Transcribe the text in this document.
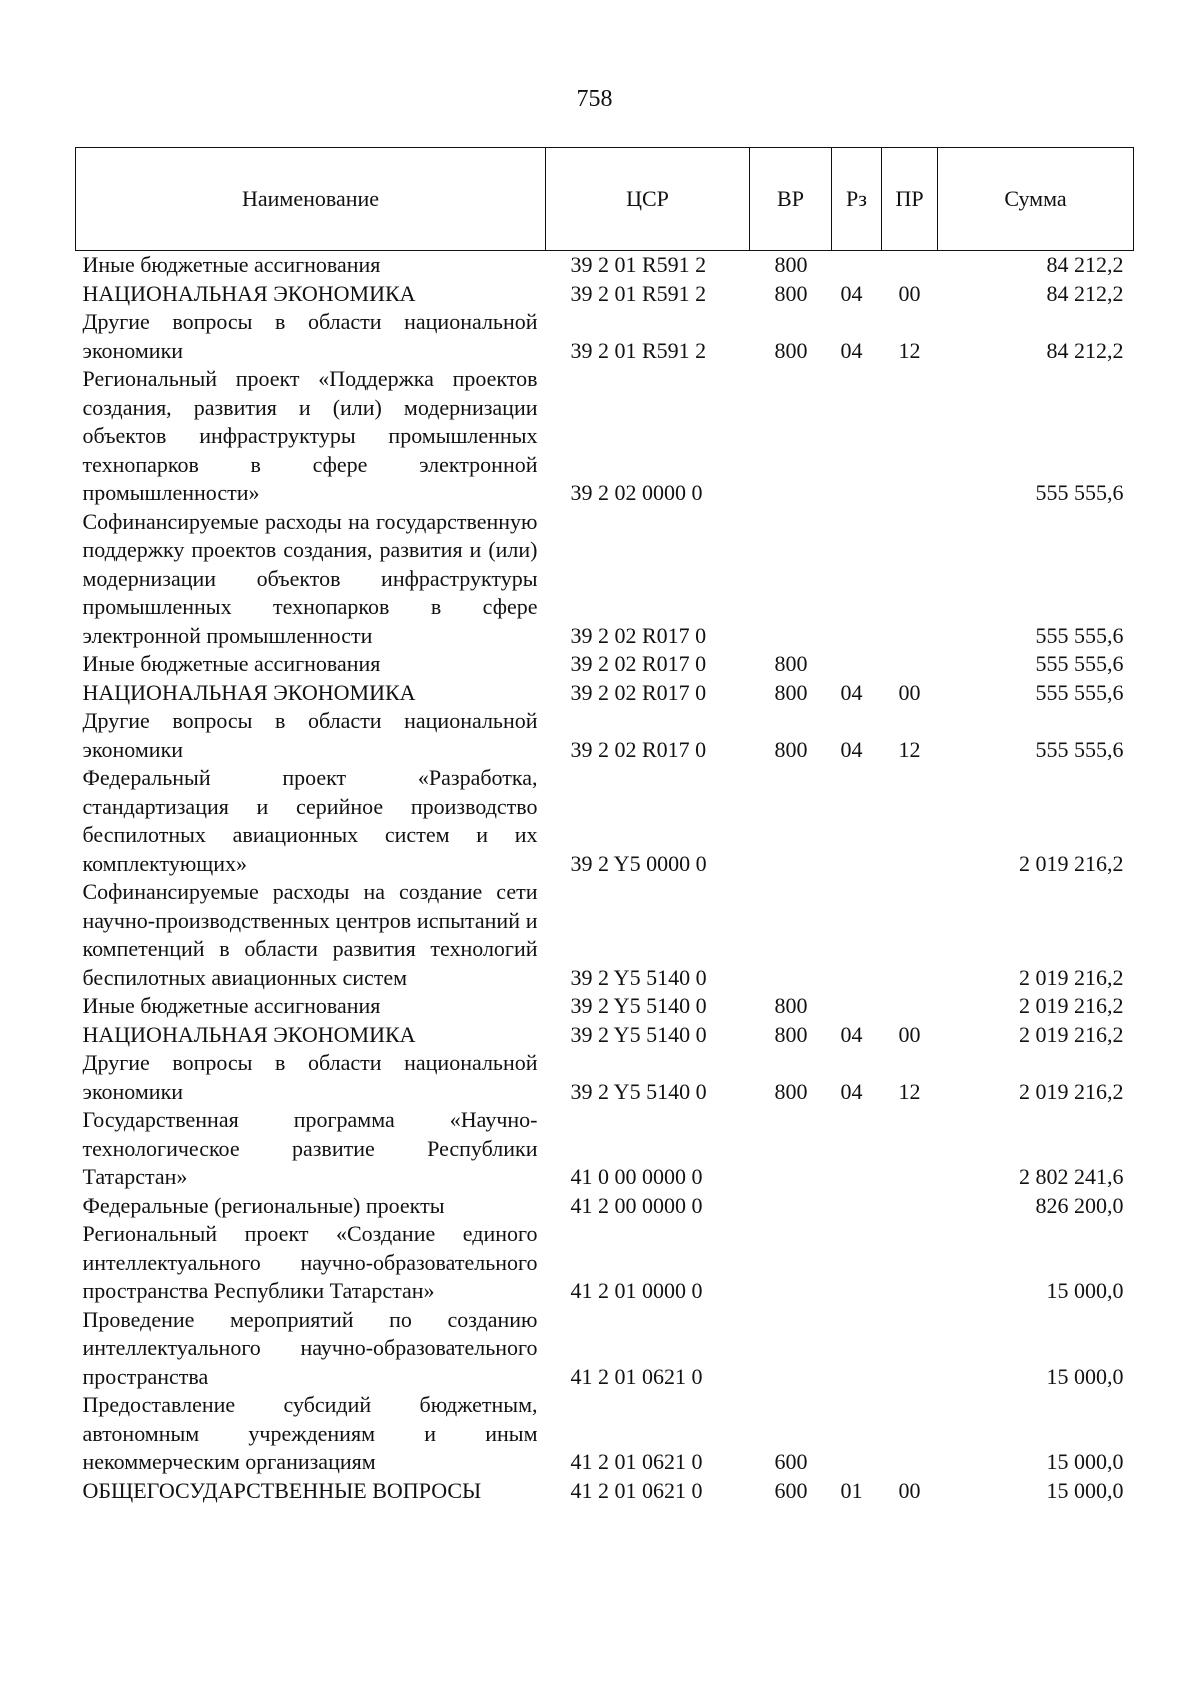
758
Наименование	ЦСР	ВР	Рз	ПР	Сумма
Иные бюджетные ассигнования	39 2 01 R591 2	800			84 212,2
НАЦИОНАЛЬНАЯ ЭКОНОМИКА	39 2 01 R591 2	800	04	00	84 212,2
Другие вопросы в области национальной экономики	39 2 01 R591 2	800	04	12	84 212,2
Региональный проект «Поддержка проектов создания, развития и (или) модернизации объектов инфраструктуры промышленных технопарков в сфере электронной промышленности»	39 2 02 0000 0				555 555,6
Софинансируемые расходы на государственную поддержку проектов создания, развития и (или) модернизации объектов инфраструктуры промышленных технопарков в сфере электронной промышленности	39 2 02 R017 0				555 555,6
Иные бюджетные ассигнования	39 2 02 R017 0	800			555 555,6
НАЦИОНАЛЬНАЯ ЭКОНОМИКА	39 2 02 R017 0	800	04	00	555 555,6
Другие вопросы в области национальной экономики	39 2 02 R017 0	800	04	12	555 555,6
Федеральный проект «Разработка, стандартизация и серийное производство беспилотных авиационных систем и их комплектующих»	39 2 Y5 0000 0				2 019 216,2
Софинансируемые расходы на создание сети научно-производственных центров испытаний и компетенций в области развития технологий беспилотных авиационных систем	39 2 Y5 5140 0				2 019 216,2
Иные бюджетные ассигнования	39 2 Y5 5140 0	800			2 019 216,2
НАЦИОНАЛЬНАЯ ЭКОНОМИКА	39 2 Y5 5140 0	800	04	00	2 019 216,2
Другие вопросы в области национальной экономики	39 2 Y5 5140 0	800	04	12	2 019 216,2
Государственная программа «Научно-технологическое развитие Республики Татарстан»	41 0 00 0000 0				2 802 241,6
Федеральные (региональные) проекты	41 2 00 0000 0				826 200,0
Региональный проект «Создание единого интеллектуального научно-образовательного пространства Республики Татарстан»	41 2 01 0000 0				15 000,0
Проведение мероприятий по созданию интеллектуального научно-образовательного пространства	41 2 01 0621 0				15 000,0
Предоставление субсидий бюджетным, автономным учреждениям и иным некоммерческим организациям	41 2 01 0621 0	600			15 000,0
ОБЩЕГОСУДАРСТВЕННЫЕ ВОПРОСЫ	41 2 01 0621 0	600	01	00	15 000,0
